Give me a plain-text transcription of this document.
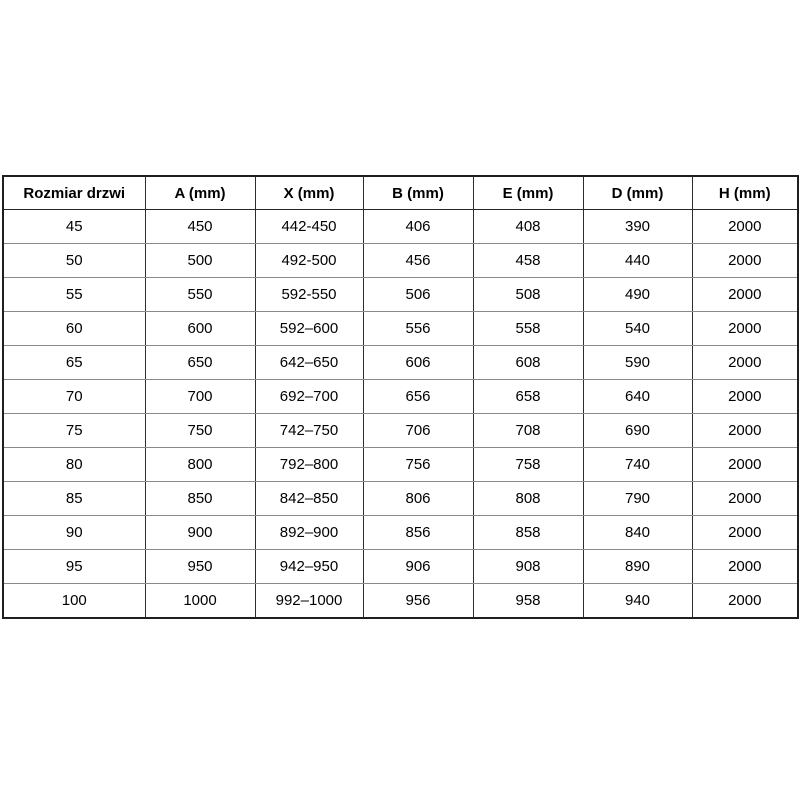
Rozmiar drzwi	A (mm)	X (mm)	B (mm)	E (mm)	D (mm)	H (mm)
45	450	442-450	406	408	390	2000
50	500	492-500	456	458	440	2000
55	550	592-550	506	508	490	2000
60	600	592–600	556	558	540	2000
65	650	642–650	606	608	590	2000
70	700	692–700	656	658	640	2000
75	750	742–750	706	708	690	2000
80	800	792–800	756	758	740	2000
85	850	842–850	806	808	790	2000
90	900	892–900	856	858	840	2000
95	950	942–950	906	908	890	2000
100	1000	992–1000	956	958	940	2000
